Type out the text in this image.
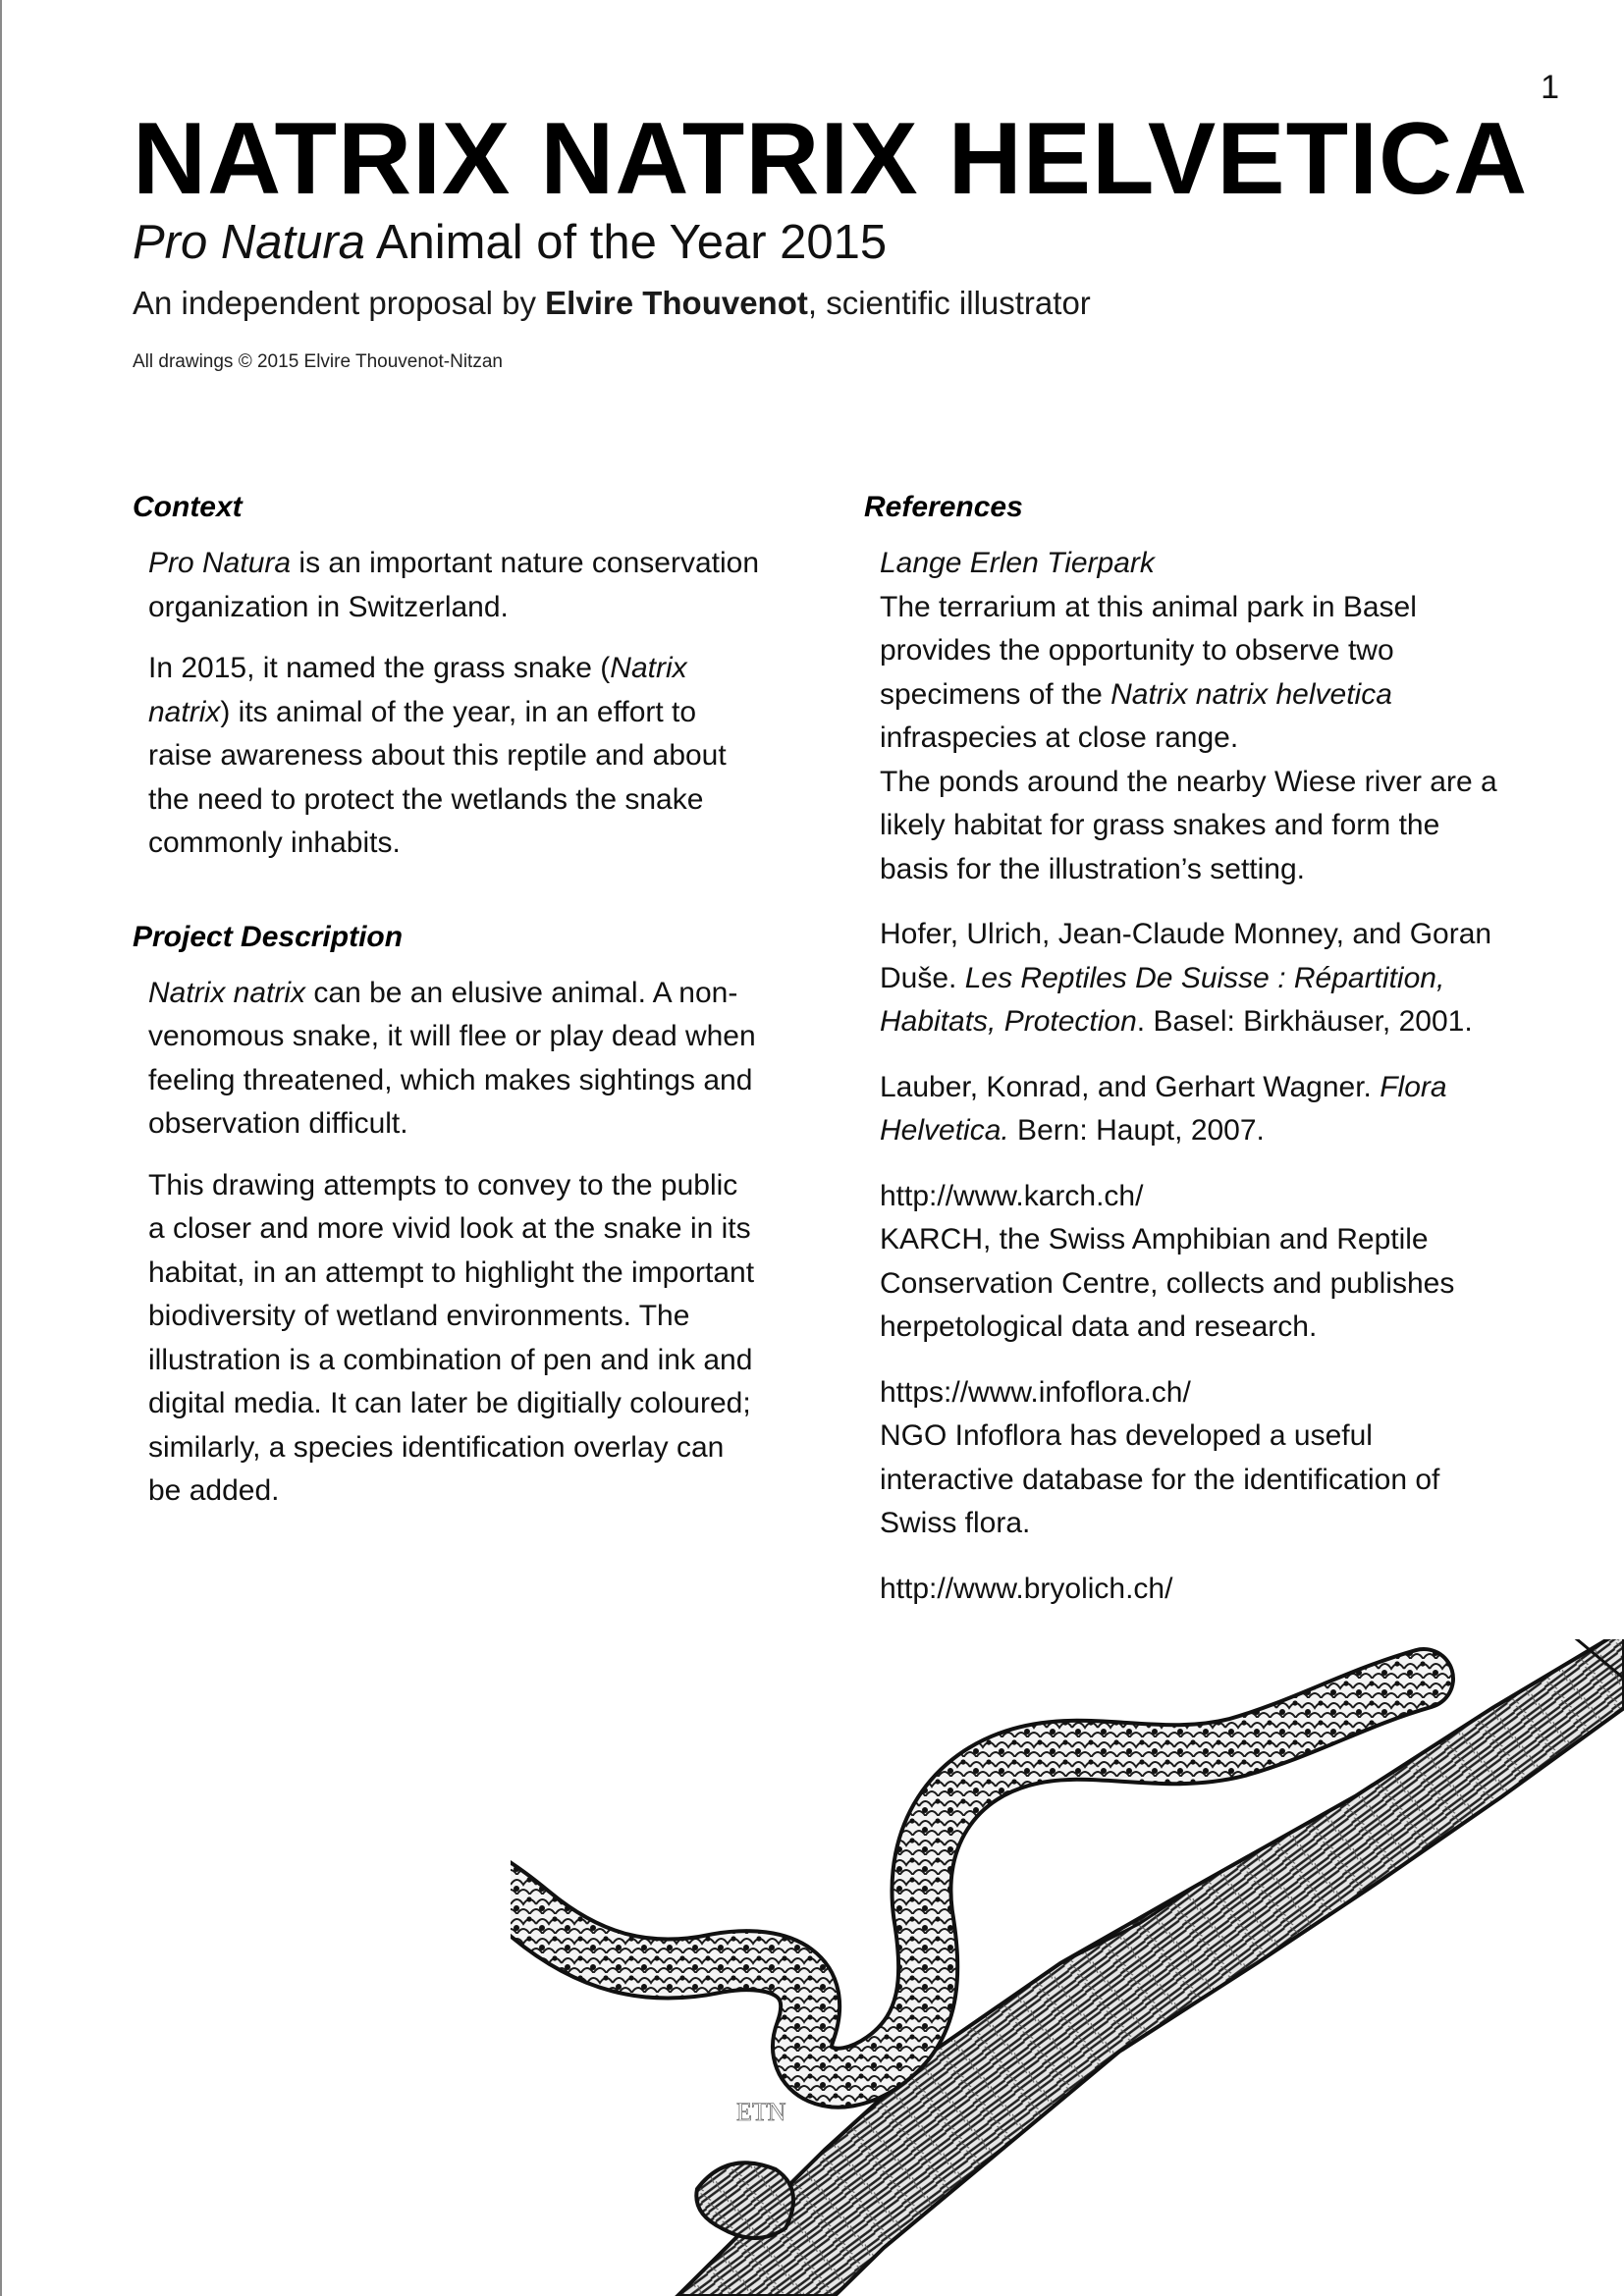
1
NATRIX NATRIX HELVETICA
Pro Natura Animal of the Year 2015

An independent proposal by Elvire Thouvenot, scientific illustrator

All drawings © 2015 Elvire Thouvenot-Nitzan

Context

Pro Natura is an important nature conservation organization in Switzerland.

In 2015, it named the grass snake (Natrix natrix) its animal of the year, in an effort to raise awareness about this reptile and about the need to protect the wetlands the snake commonly inhabits.

Project Description

Natrix natrix can be an elusive animal. A non-venomous snake, it will flee or play dead when feeling threatened, which makes sightings and observation difficult.

This drawing attempts to convey to the public a closer and more vivid look at the snake in its habitat, in an attempt to highlight the important biodiversity of wetland environments. The illustration is a combination of pen and ink and digital media. It can later be digitially coloured; similarly, a species identification overlay can be added.

References
Lange Erlen Tierpark
The terrarium at this animal park in Basel provides the opportunity to observe two specimens of the Natrix natrix helvetica infraspecies at close range.
The ponds around the nearby Wiese river are a likely habitat for grass snakes and form the basis for the illustration’s setting.
Hofer, Ulrich, Jean-Claude Monney, and Goran Duše. Les Reptiles De Suisse : Répartition, Habitats, Protection. Basel: Birkhäuser, 2001.
Lauber, Konrad, and Gerhart Wagner. Flora Helvetica. Bern: Haupt, 2007.
http://www.karch.ch/
KARCH, the Swiss Amphibian and Reptile Conservation Centre, collects and publishes herpetological data and research.
https://www.infoflora.ch/
NGO Infoflora has developed a useful interactive database for the identification of Swiss flora.
http://www.bryolich.ch/
ETN
